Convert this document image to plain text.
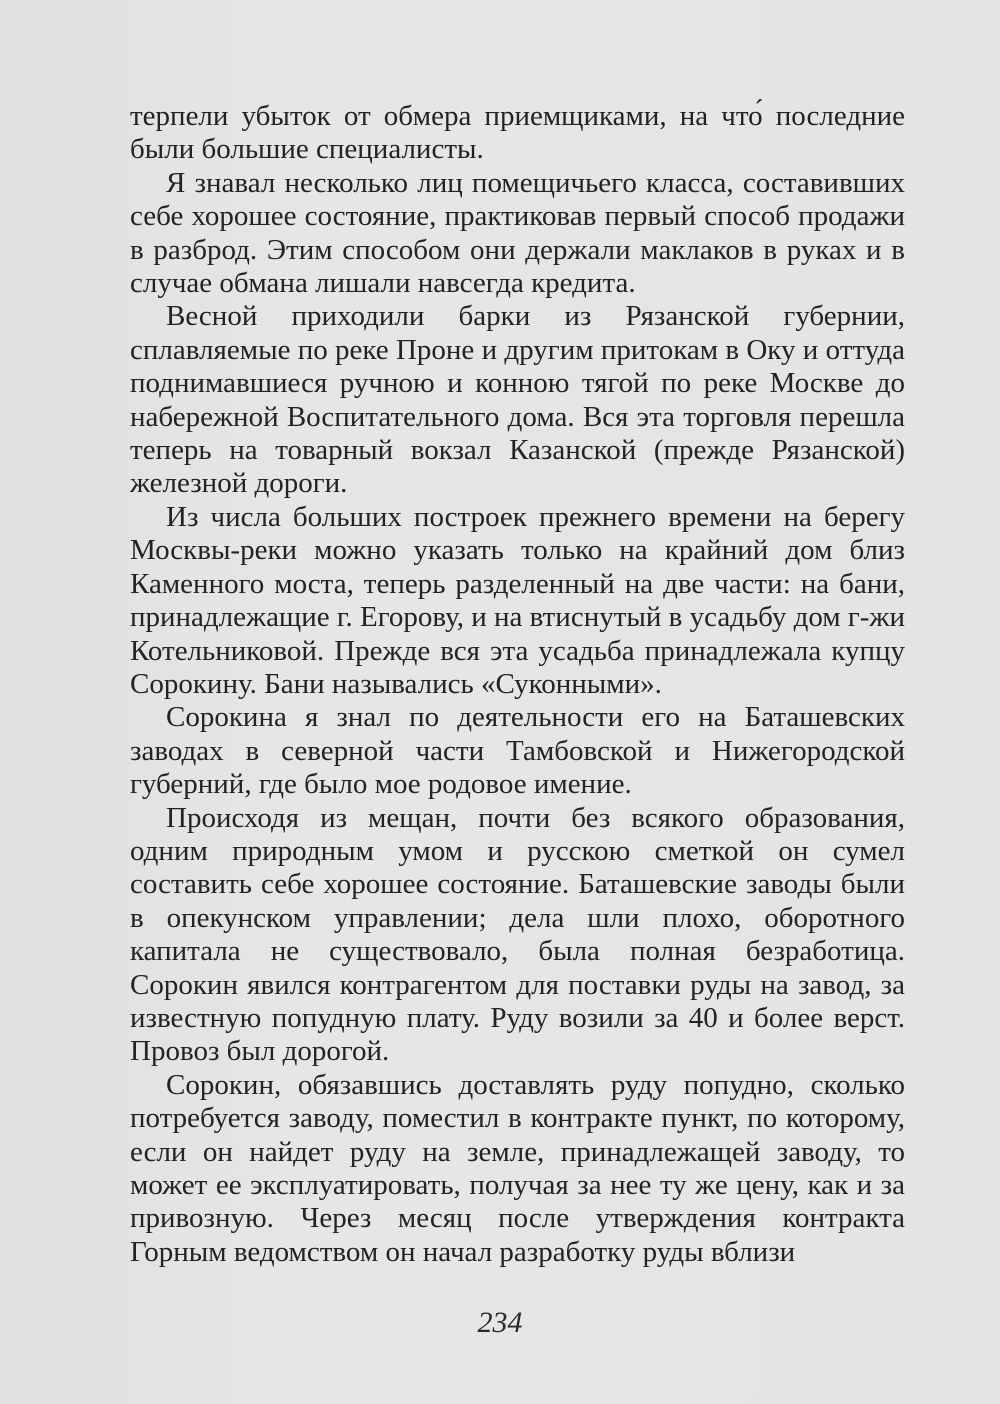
терпели убыток от обмера приемщиками, на что́ последние были большие специалисты.

Я знавал несколько лиц помещичьего класса, составивших себе хорошее состояние, практиковав первый способ продажи в разброд. Этим способом они держали маклаков в руках и в случае обмана лишали навсегда кредита.

Весной приходили барки из Рязанской губернии, сплавляемые по реке Проне и другим притокам в Оку и оттуда поднимавшиеся ручною и конною тягой по реке Москве до набережной Воспитательного дома. Вся эта торговля перешла теперь на товарный вокзал Казанской (прежде Рязанской) железной дороги.

Из числа больших построек прежнего времени на берегу Москвы-реки можно указать только на крайний дом близ Каменного моста, теперь разделенный на две части: на бани, принадлежащие г. Егорову, и на втиснутый в усадьбу дом г-жи Котельниковой. Прежде вся эта усадьба принадлежала купцу Сорокину. Бани назывались «Суконными».

Сорокина я знал по деятельности его на Баташевских заводах в северной части Тамбовской и Нижегородской губерний, где было мое родовое имение.

Происходя из мещан, почти без всякого образования, одним природным умом и русскою сметкой он сумел составить себе хорошее состояние. Баташевские заводы были в опекунском управлении; дела шли плохо, оборотного капитала не существовало, была полная безработица. Сорокин явился контрагентом для поставки руды на завод, за известную попудную плату. Руду возили за 40 и более верст. Провоз был дорогой.

Сорокин, обязавшись доставлять руду попудно, сколько потребуется заводу, поместил в контракте пункт, по которому, если он найдет руду на земле, принадлежащей заводу, то может ее эксплуатировать, получая за нее ту же цену, как и за привозную. Через месяц после утверждения контракта Горным ведомством он начал разработку руды вблизи

234
